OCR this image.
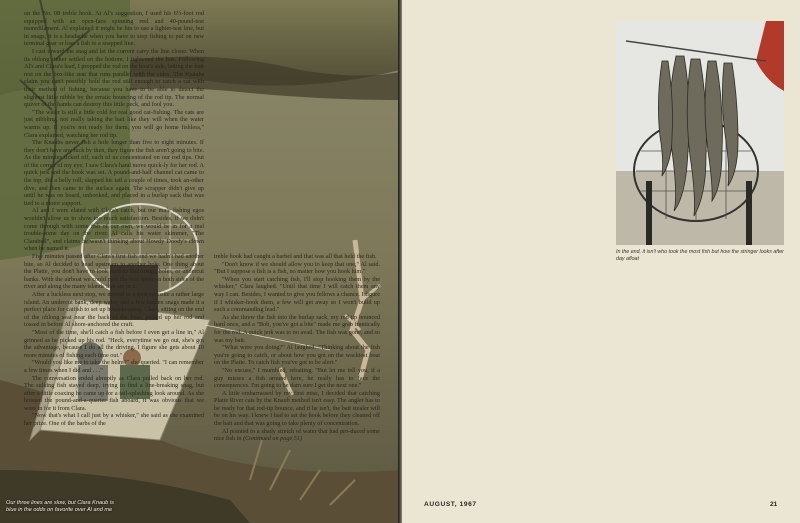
Our three lines are slow, but Clara Knaub is blue in the odds on favorite over Al and me

on the No. 08 treble hook. At Al's suggestion, I used his 6½-foot rod equipped with an open-face spinning reel and 40-pound-test monofilament. Al explained it might be fun to use a lighter-test line, but in snags, it is a headache when you have to stop fishing to put on new terminal gear or lose a fish to a snapped line.

I cast toward the snag and let the current carry the line closer. When its oblong sinker settled on the bottom, I tightened the line. Following Al's and Clara's lead, I propped the rod on the boat's side, letting the butt rest on the box-like seat that runs parallel with the sides. The Knaubs claim you can't possibly hold the rod still enough to catch a cat with their method of fishing, because you have to be able to detect the slightest little nibble by the erratic bouncing of the rod tip. The normal quiver of the hands can destroy this little peck, and fool you.

"The water is still a little cold for real good cat-fishing. The cats are just nibbling, not really taking the bait like they will when the water warms up. If you're not ready for them, you will go home fishless," Clara explained, watching her rod tip.

The Knaubs never fish a hole longer than five to eight minutes. If they don't have any luck by then, they figure the fish aren't going to bite. As the minutes ticked off, each of us concentrated on our rod tips. Out of the corner of my eye, I saw Clara's hand move quick-ly for her rod. A quick jerk and the hook was set. A pound-and-half channel cat came to the top, did a belly roll, slapped his tail a couple of times, took an-other dive, and then came to the surface again. The scrapper didn't give up until he was on board, unhooked, and placed in a burlap sack that was tied to a motor support.

Al and I were elated with Clara's catch, but our male fishing egos wouldn't allow us to show too much satisfaction. Besides, if we didn't come through with some fish of our own, we would be in for a real trouble-some day on the river. Al calls his water skimmer, "The Clarabell", and claims he wasn't thinking about Howdy Doody's clown when he named it.

Five minutes passed after Clara's first fish and we hadn't had another bite, so Al decided to head upstream to another hole. One thing about the Platte, you don't have to look hard to find snags, holes, or undercut banks. With the airboat we could pick the best spots on both sides of the river and along the many islands that are in it.

After a luckless next stop, we moved to a spot opposite a rather large island. An undercut bank, deep water, and a few hidden snags made it a perfect place for catfish to set up housekeeping. Clara, sitting on the end of the oblong seat near the back of the boat, picked up her rod and tossed in before Al shore-anchored the craft.

"Most of the time, she'll catch a fish before I even get a line in," Al grinned as he picked up his rod. "Heck, everytime we go out, she's got the advantage, because I do all the driving. I figure she gets about 10 more minutes of fishing each time out."

"Would you like me to take the helm?" she queried. "I can remember a few times when I did and . . ."

The conversation ended abruptly as Clara pulled back on her rod. The sulking fish stayed deep, trying to find a line-breaking snag, but after a little coaxing he came up for a tail-splashing look around. As she hoisted the pound-and-a-quarter fish aboard, it was obvious that we were in for it from Clara.

"Now that's what I call just by a whisker," she said as she examined her prize. One of the barbs of the

In the end, it isn't who took the most fish but how the stringer looks after day afloat

treble hook had caught a barbel and that was all that held the fish.

"Don't know if we should allow you to keep that one," Al said. "But I suppose a fish is a fish, no matter how you hook him."

"When you start catching fish, I'll stop hooking them by the whisker," Clara laughed. "Until that time I will catch them any way I can. Besides, I wanted to give you fellows a chance. I figure if I whisker-hook them, a few will get away so I won't build up such a commanding lead."

As she threw the fish into the burlap sack, my rod tip bounced hard once, and a "Bob, you've got a bite" made me grab frantically for the rod. A quick jerk was to no avail. The fish was gone, and so was my bait.

"What were you doing?" Al laughed. "Thinking about the fish you're going to catch, or about how you got on the wackiest boat on the Platte. To catch fish you've got to be alert."

"No excuse," I mumbled, rebaiting. "But let me tell you, if a guy misses a fish around here, he really has to face the consequences. I'm going to be darn sure I get the next one."

A little embarrassed by my first miss, I decided that catching Platte River cats by the Knaub method isn't easy. The angler has to be ready for that rod-tip bounce, and if he isn't, the bait stealer will be on his way. I knew I had to set the hook before they cleaned off the bait and that was going to take plenty of concentration.

Al pointed to a shady stretch of water that had pro-duced some nice fish in (Continued on page 51)

AUGUST, 1967	21
